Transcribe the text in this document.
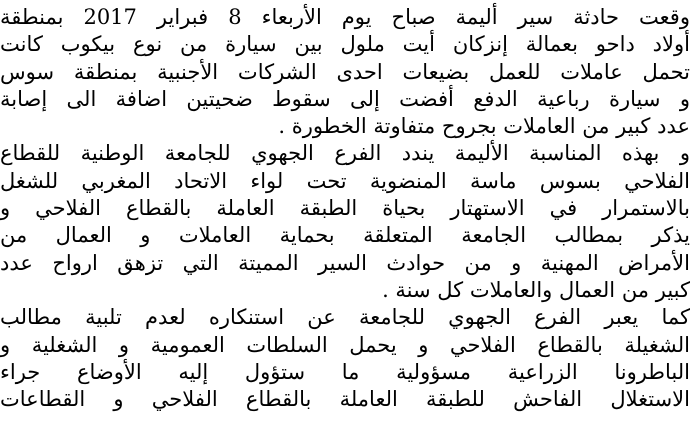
وقعت حادثة سير أليمة صباح يوم الأربعاء 8 فبراير 2017 بمنطقة
أولاد داحو بعمالة إنزكان أيت ملول بين سيارة من نوع بيكوب كانت
تحمل عاملات للعمل بضيعات احدى الشركات الأجنبية بمنطقة سوس
و سيارة رباعية الدفع أفضت إلى سقوط ضحيتين اضافة الى إصابة
عدد كبير من العاملات بجروح متفاوتة الخطورة .
و بهذه المناسبة الأليمة يندد الفرع الجهوي للجامعة الوطنية للقطاع
الفلاحي بسوس ماسة المنضوية تحت لواء الاتحاد المغربي للشغل
بالاستمرار في الاستهتار بحياة الطبقة العاملة بالقطاع الفلاحي و
يذكر بمطالب الجامعة المتعلقة بحماية العاملات و العمال من
الأمراض المهنية و من حوادث السير المميتة التي تزهق ارواح عدد
كبير من العمال والعاملات كل سنة .
كما يعبر الفرع الجهوي للجامعة عن استنكاره لعدم تلبية مطالب
الشغيلة بالقطاع الفلاحي و يحمل السلطات العمومية و الشغلية و
الباطرونا الزراعية مسؤولية ما ستؤول إليه الأوضاع جراء
الاستغلال الفاحش للطبقة العاملة بالقطاع الفلاحي و القطاعات
